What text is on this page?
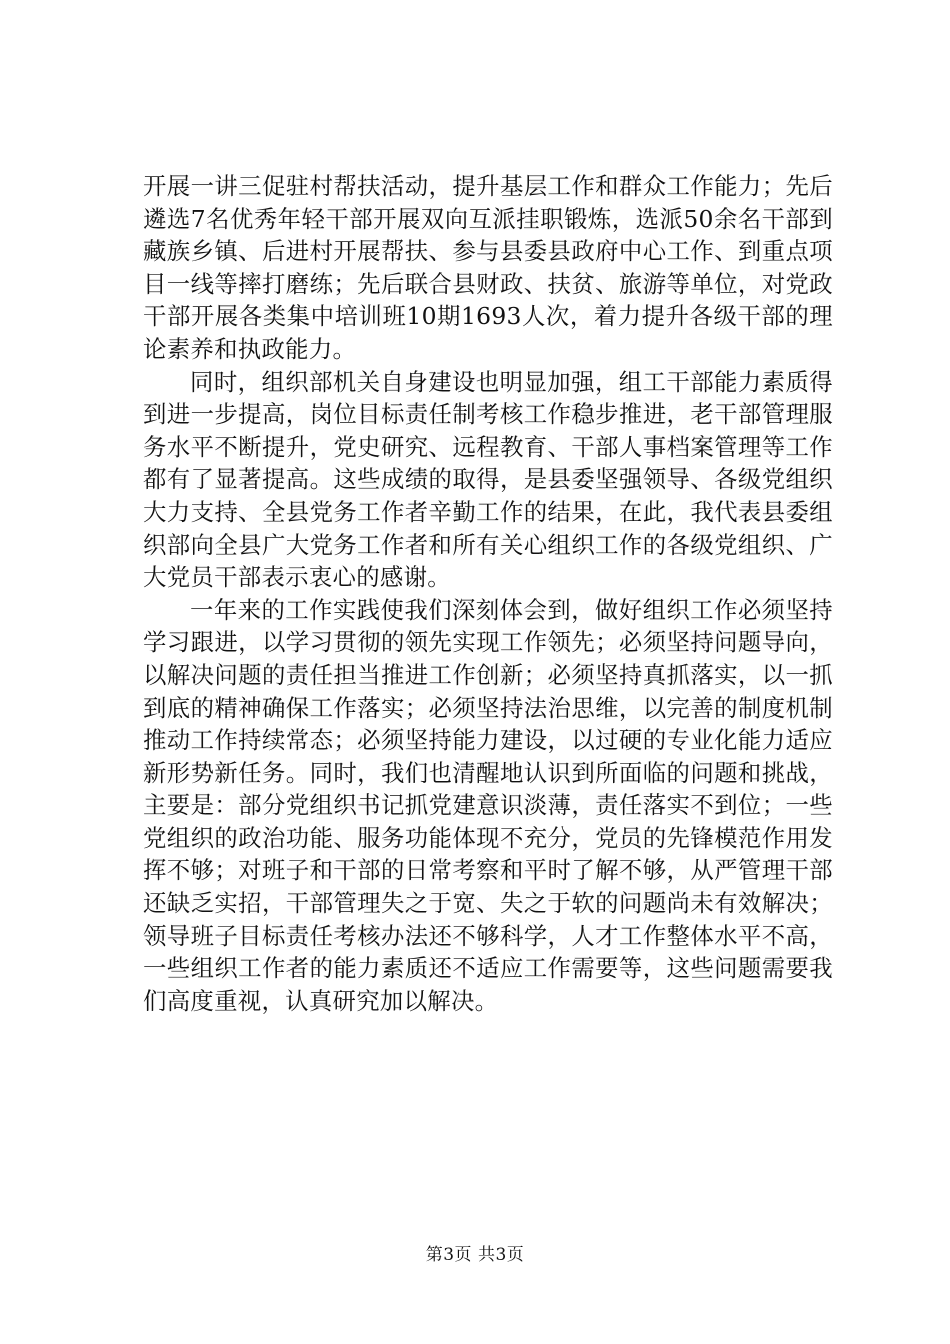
开展一讲三促驻村帮扶活动，提升基层工作和群众工作能力；先后遴选7名优秀年轻干部开展双向互派挂职锻炼，选派50余名干部到藏族乡镇、后进村开展帮扶、参与县委县政府中心工作、到重点项目一线等摔打磨练；先后联合县财政、扶贫、旅游等单位，对党政干部开展各类集中培训班10期1693人次，着力提升各级干部的理论素养和执政能力。

同时，组织部机关自身建设也明显加强，组工干部能力素质得到进一步提高，岗位目标责任制考核工作稳步推进，老干部管理服务水平不断提升，党史研究、远程教育、干部人事档案管理等工作都有了显著提高。这些成绩的取得，是县委坚强领导、各级党组织大力支持、全县党务工作者辛勤工作的结果，在此，我代表县委组织部向全县广大党务工作者和所有关心组织工作的各级党组织、广大党员干部表示衷心的感谢。

一年来的工作实践使我们深刻体会到，做好组织工作必须坚持学习跟进，以学习贯彻的领先实现工作领先；必须坚持问题导向，以解决问题的责任担当推进工作创新；必须坚持真抓落实，以一抓到底的精神确保工作落实；必须坚持法治思维，以完善的制度机制推动工作持续常态；必须坚持能力建设，以过硬的专业化能力适应新形势新任务。同时，我们也清醒地认识到所面临的问题和挑战，主要是：部分党组织书记抓党建意识淡薄，责任落实不到位；一些党组织的政治功能、服务功能体现不充分，党员的先锋模范作用发挥不够；对班子和干部的日常考察和平时了解不够，从严管理干部还缺乏实招，干部管理失之于宽、失之于软的问题尚未有效解决；领导班子目标责任考核办法还不够科学，人才工作整体水平不高，一些组织工作者的能力素质还不适应工作需要等，这些问题需要我们高度重视，认真研究加以解决。

第3页 共3页
